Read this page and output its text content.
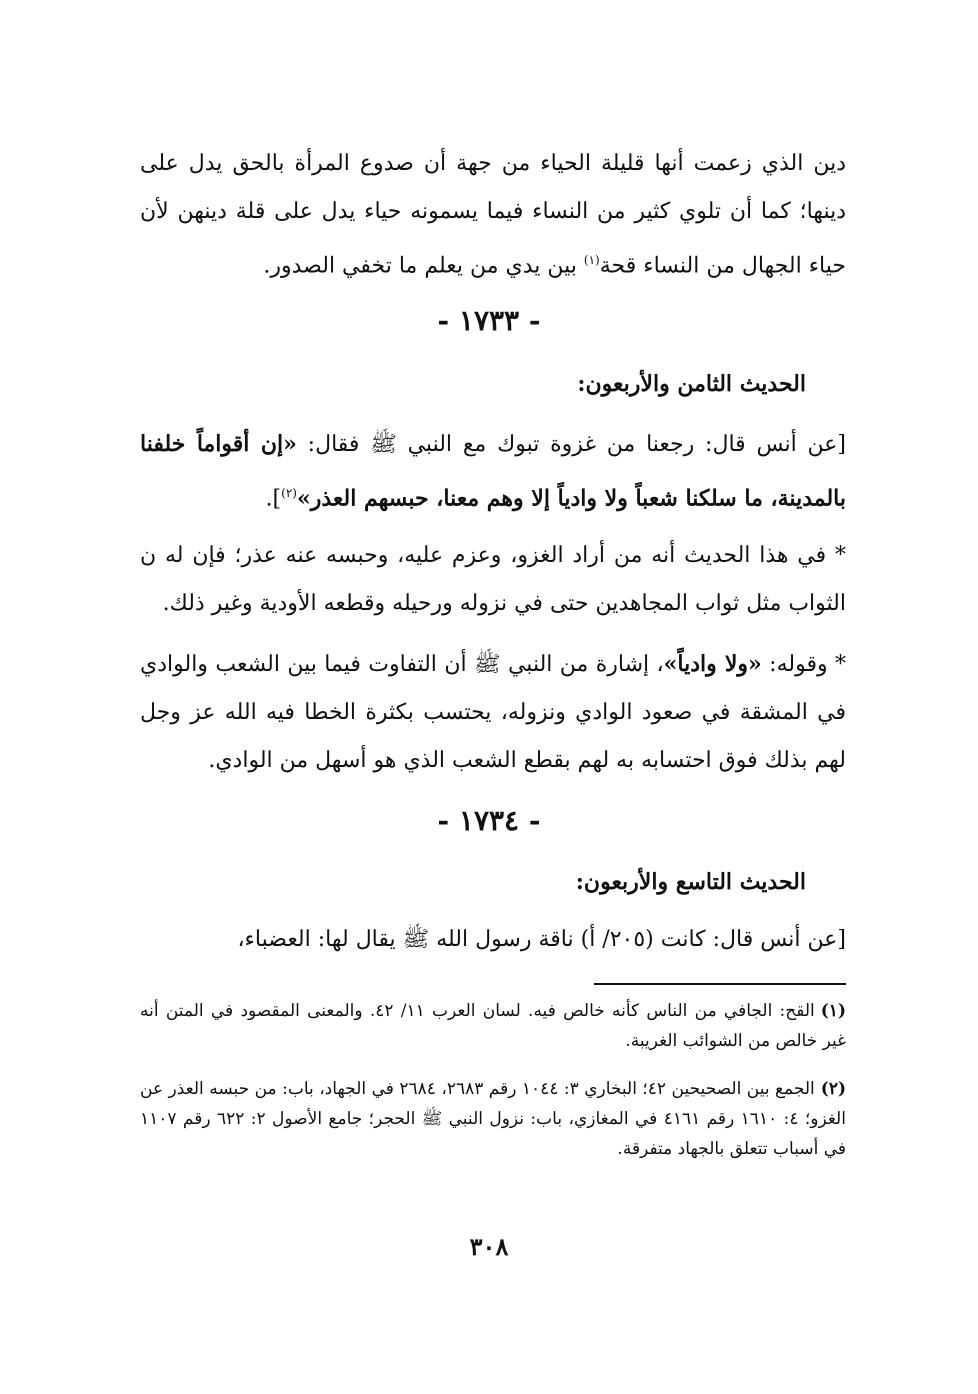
دين الذي زعمت أنها قليلة الحياء من جهة أن صدوع المرأة بالحق يدل على دينها؛ كما أن تلوي كثير من النساء فيما يسمونه حياء يدل على قلة دينهن لأن حياء الجهال من النساء قحة$^{(١)}$ بين يدي من يعلم ما تخفي الصدور.
- ١٧٣٣ -
الحديث الثامن والأربعون:
[عن أنس قال: رجعنا من غزوة تبوك مع النبي ﷺ فقال: «إن أقواماً خلفنا بالمدينة، ما سلكنا شعباً ولا وادياً إلا وهم معنا، حبسهم العذر»$^{(٢)}$].
* في هذا الحديث أنه من أراد الغزو، وعزم عليه، وحبسه عنه عذر؛ فإن له ن الثواب مثل ثواب المجاهدين حتى في نزوله ورحيله وقطعه الأودية وغير ذلك.
* وقوله: «ولا وادياً»، إشارة من النبي ﷺ أن التفاوت فيما بين الشعب والوادي في المشقة في صعود الوادي ونزوله، يحتسب بكثرة الخطا فيه الله عز وجل لهم بذلك فوق احتسابه به لهم بقطع الشعب الذي هو أسهل من الوادي.
- ١٧٣٤ -
الحديث التاسع والأربعون:
[عن أنس قال: كانت (٢٠٥/ أ) ناقة رسول الله ﷺ يقال لها: العضباء،
(١)القح: الجافي من الناس كأنه خالص فيه. لسان العرب ١١/ ٤٢. والمعنى المقصود في المتن أنه غير خالص من الشوائب الغريبة.
(٢)الجمع بين الصحيحين ٤٢؛ البخاري ٣: ١٠٤٤ رقم ٢٦٨٣، ٢٦٨٤ في الجهاد، باب: من حبسه العذر عن الغزو؛ ٤: ١٦١٠ رقم ٤١٦١ في المغازي، باب: نزول النبي ﷺ الحجر؛ جامع الأصول ٢: ٦٢٢ رقم ١١٠٧ في أسباب تتعلق بالجهاد متفرقة.
٣٠٨
